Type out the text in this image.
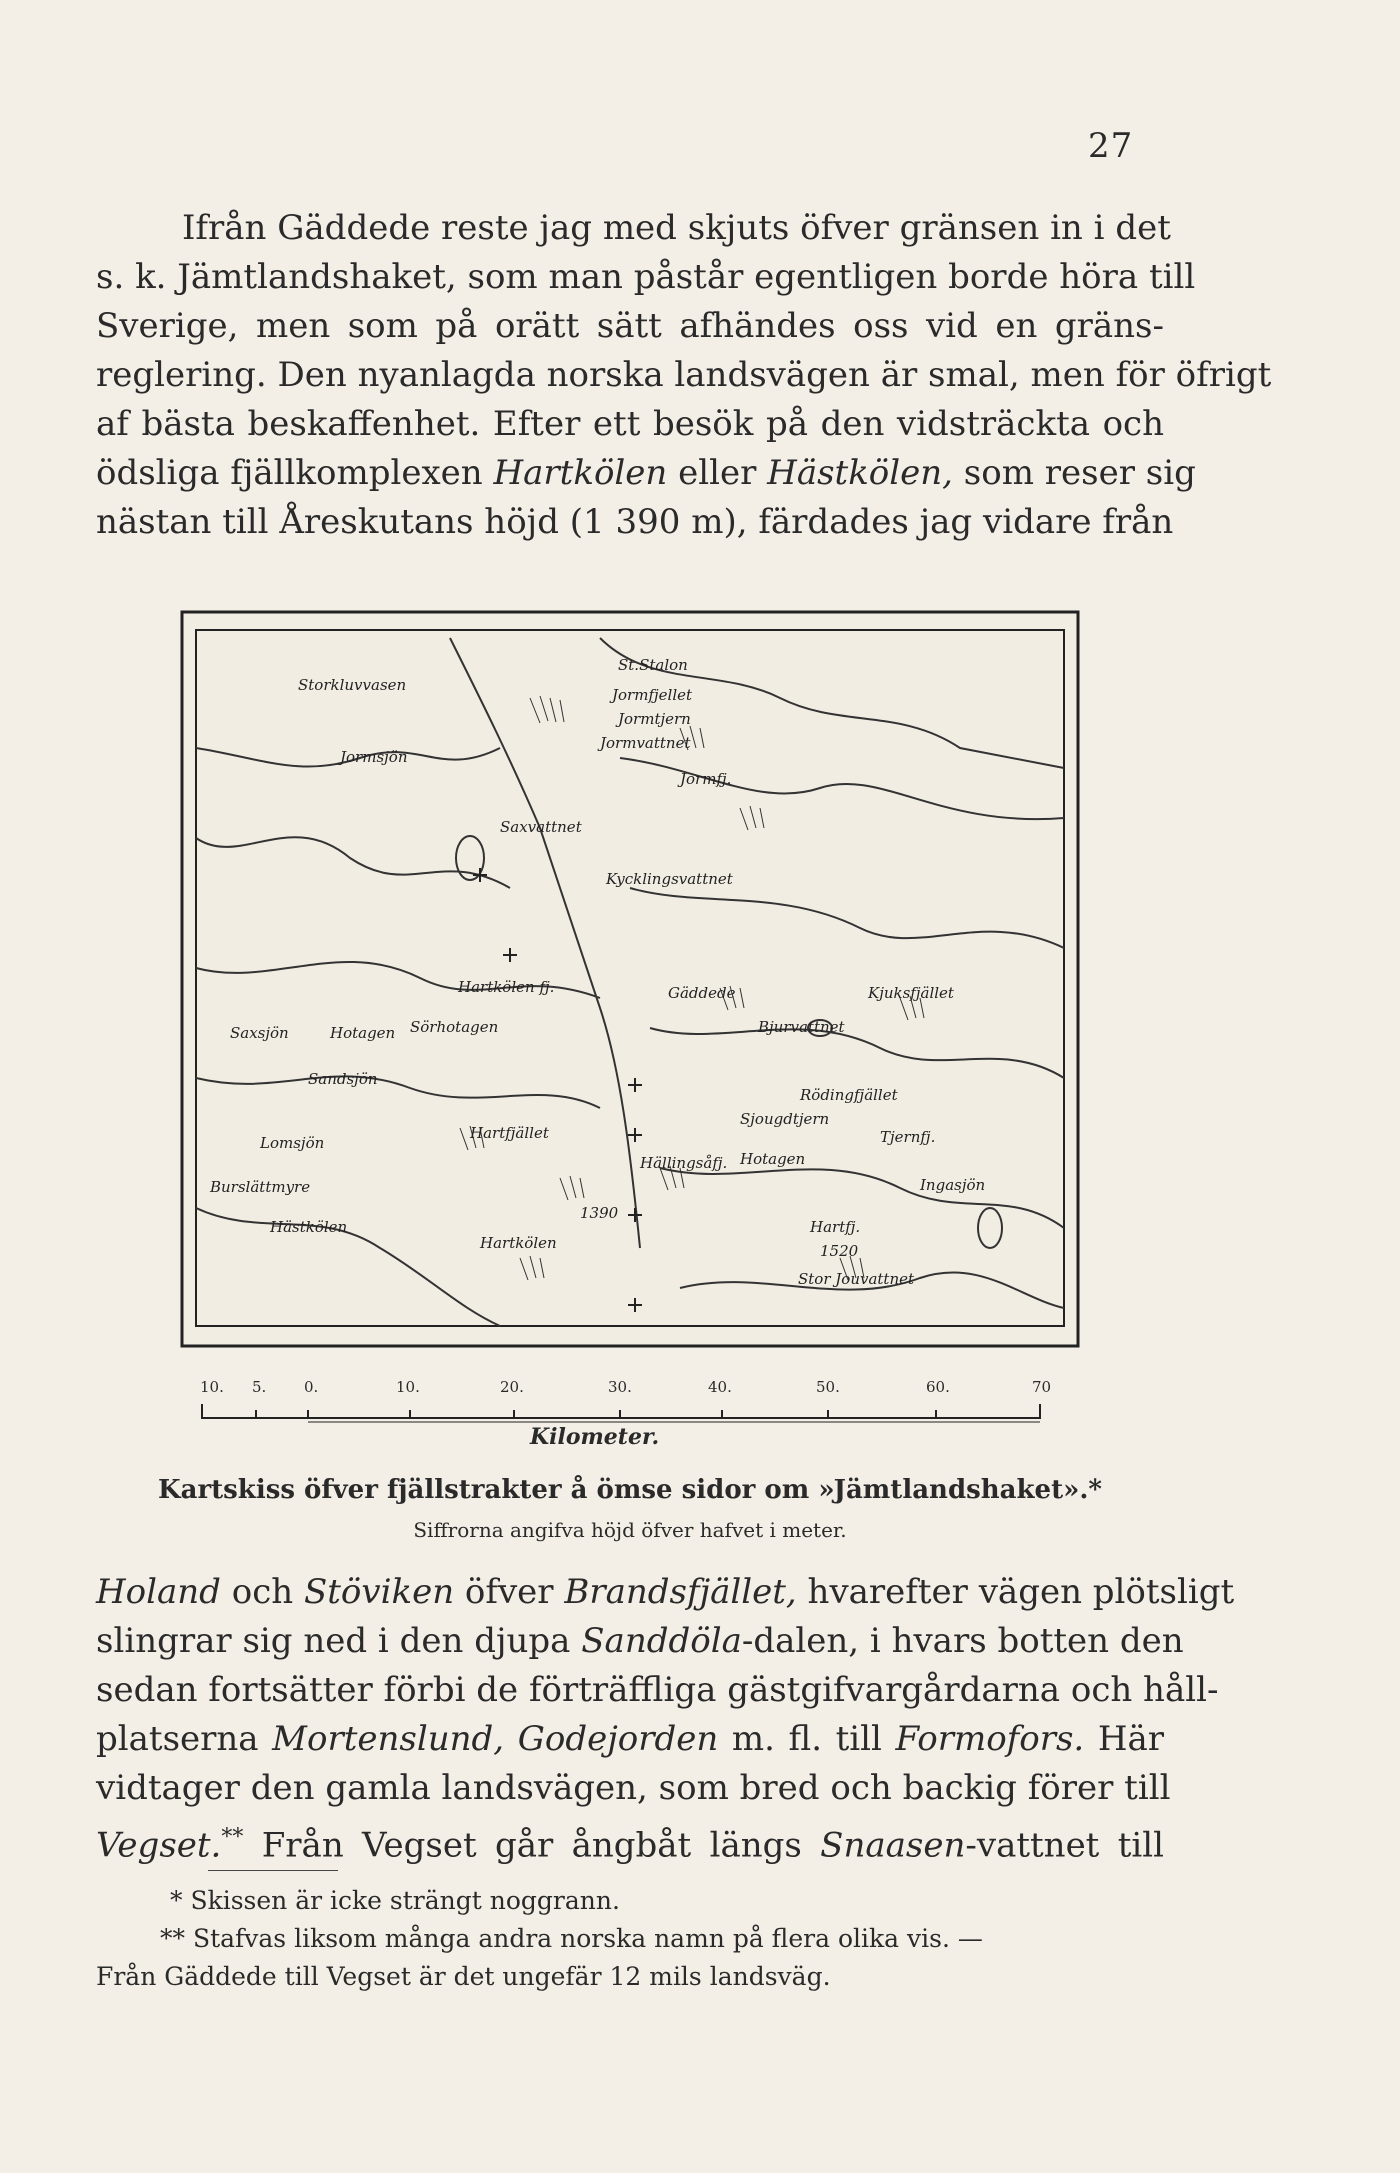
27
Ifrån Gäddede reste jag med skjuts öfver gränsen in i det
s. k. Jämtlandshaket, som man påstår egentligen borde höra till
Sverige, men som på orätt sätt afhändes oss vid en gräns-
reglering. Den nyanlagda norska landsvägen är smal, men för öfrigt
af bästa beskaffenhet. Efter ett besök på den vidsträckta och
ödsliga fjällkomplexen Hartkölen eller Hästkölen, som reser sig
nästan till Åreskutans höjd (1 390 m), färdades jag vidare från
Storkluvvasen
St.Stalon
Jormfjellet
Jormtjern
Jormvattnet
Jormsjön
Jormfj.
Kycklingsvattnet
Saxvattnet
Gäddede	Kjuksfjället
Bjurvattnet
Saxsjön	Hotagen Sörhotagen
Sandsjön
Hartkölen fj.
Lomsjön
Burslättmyre
Hartfjället
Hästkölen
1390
Hällingsåfj. Hotagen
Rödingfjället
Sjougdtjern
Tjernfj.
Ingasjön
Hartkölen
Hartfj.
1520
Stor Jouvattnet
10. 5.	0.	10.	20.	30.	40.	50.	60.	70
Kilometer.
Kartskiss öfver fjällstrakter å ömse sidor om »Jämtlandshaket».*
Siffrorna angifva höjd öfver hafvet i meter.
Holand och Stöviken öfver Brandsfjället, hvarefter vägen plötsligt
slingrar sig ned i den djupa Sanddöla-dalen, i hvars botten den
sedan fortsätter förbi de förträffliga gästgifvargårdarna och håll-
platserna Mortenslund, Godejorden m. fl. till Formofors. Här
vidtager den gamla landsvägen, som bred och backig förer till
Vegset.** Från Vegset går ångbåt längs Snaasen-vattnet till
* Skissen är icke strängt noggrann.
** Stafvas liksom många andra norska namn på flera olika vis. —
Från Gäddede till Vegset är det ungefär 12 mils landsväg.
